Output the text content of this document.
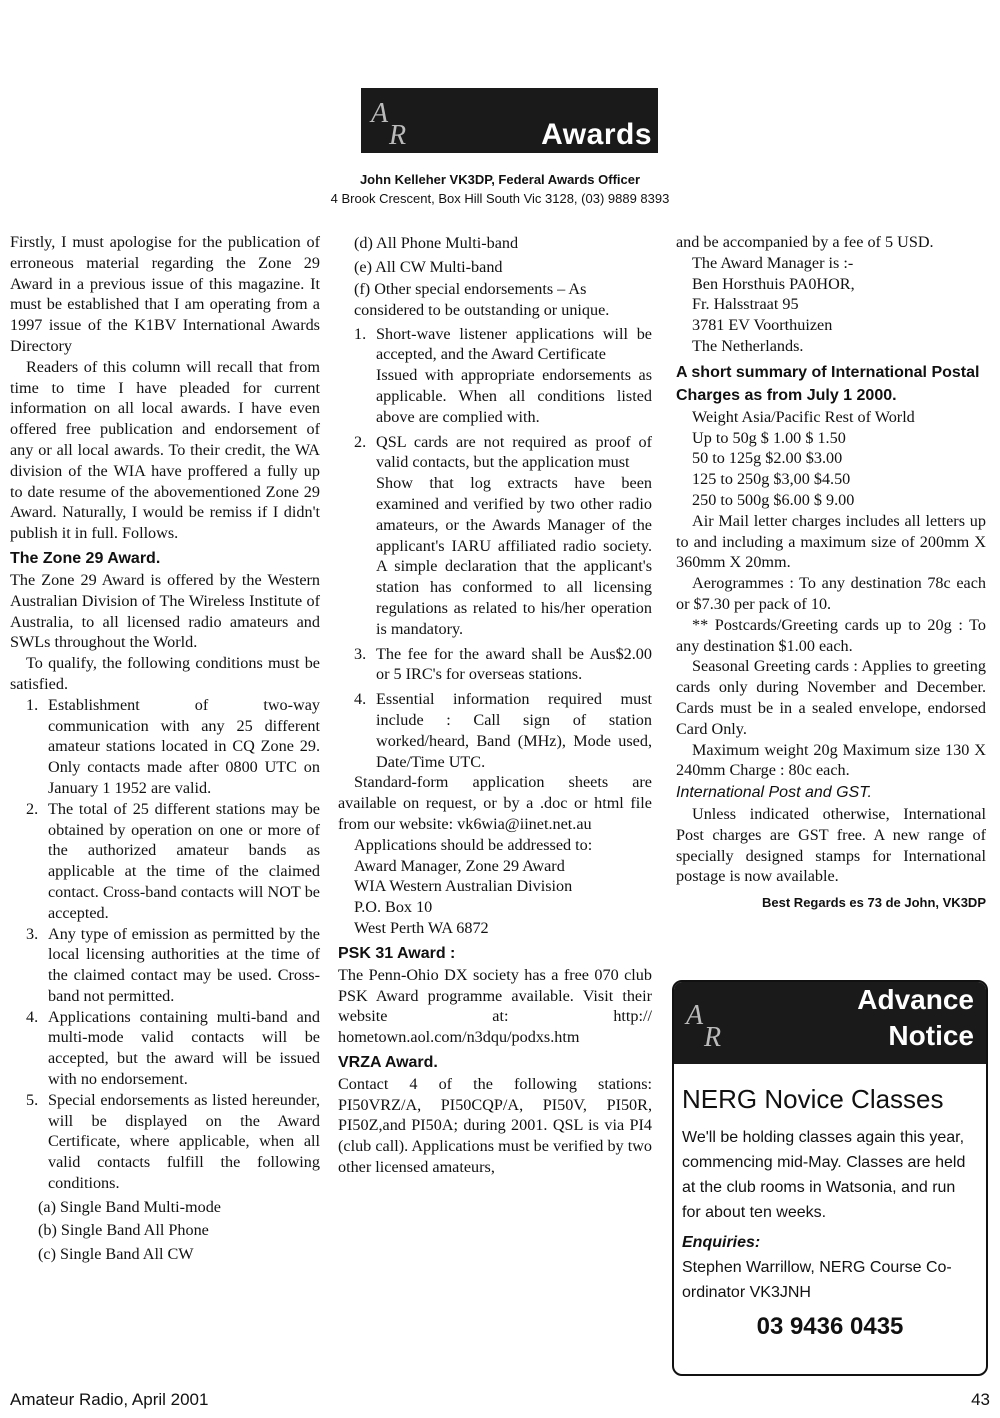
A
R	Awards
John Kelleher VK3DP, Federal Awards Officer
4 Brook Crescent, Box Hill South Vic 3128, (03) 9889 8393

Firstly, I must apologise for the publication of erroneous material regarding the Zone 29 Award in a previous issue of this magazine. It must be established that I am operating from a 1997 issue of the K1BV International Awards Directory

Readers of this column will recall that from time to time I have pleaded for current information on all local awards. I have even offered free publication and endorsement of any or all local awards. To their credit, the WA division of the WIA have proffered a fully up to date resume of the abovementioned Zone 29 Award. Naturally, I would be remiss if I didn't publish it in full. Follows.

The Zone 29 Award.

The Zone 29 Award is offered by the Western Australian Division of The Wireless Institute of Australia, to all licensed radio amateurs and SWLs throughout the World.

To qualify, the following conditions must be satisfied.

1. Establishment of two-way communication with any 25 different amateur stations located in CQ Zone 29. Only contacts made after 0800 UTC on January 1 1952 are valid.
2. The total of 25 different stations may be obtained by operation on one or more of the authorized amateur bands as applicable at the time of the claimed contact. Cross-band contacts will NOT be accepted.
3. Any type of emission as permitted by the local licensing authorities at the time of the claimed contact may be used. Cross-band not permitted.
4. Applications containing multi-band and multi-mode valid contacts will be accepted, but the award will be issued with no endorsement.
5. Special endorsements as listed hereunder, will be displayed on the Award Certificate, where applicable, when all valid contacts fulfill the following conditions.
(a) Single Band Multi-mode
(b) Single Band All Phone
(c) Single Band All CW
(d) All Phone Multi-band
(e) All CW Multi-band
(f) Other special endorsements – As considered to be outstanding or unique.
1. Short-wave listener applications will be accepted, and the Award Certificate

Issued with appropriate endorsements as applicable. When all conditions listed above are complied with.

2. QSL cards are not required as proof of valid contacts, but the application must

Show that log extracts have been examined and verified by two other radio amateurs, or the Awards Manager of the applicant's IARU affiliated radio society. A simple declaration that the applicant's station has conformed to all licensing regulations as related to his/her operation is mandatory.

3. The fee for the award shall be Aus$2.00 or 5 IRC's for overseas stations.
4. Essential information required must include : Call sign of station worked/heard, Band (MHz), Mode used, Date/Time UTC.

Standard-form application sheets are available on request, or by a .doc or html file from our website: vk6wia@iinet.net.au

Applications should be addressed to:
Award Manager, Zone 29 Award
WIA Western Australian Division
P.O. Box 10
West Perth WA 6872
PSK 31 Award :

The Penn-Ohio DX society has a free 070 club PSK Award programme available. Visit their website at: http:// hometown.aol.com/n3dqu/podxs.htm

VRZA Award.

Contact 4 of the following stations: PI50VRZ/A, PI50CQP/A, PI50V, PI50R, PI50Z,and PI50A; during 2001. QSL is via PI4 (club call). Applications must be verified by two other licensed amateurs,

and be accompanied by a fee of 5 USD.

The Award Manager is :-
Ben Horsthuis PA0HOR,
Fr. Halsstraat 95
3781 EV Voorthuizen
The Netherlands.
A short summary of International Postal Charges as from July 1 2000.
Weight Asia/Pacific Rest of World
Up to 50g $ 1.00 $ 1.50
50 to 125g $2.00 $3.00
125 to 250g $3,00 $4.50
250 to 500g $6.00 $ 9.00

Air Mail letter charges includes all letters up to and including a maximum size of 200mm X 360mm X 20mm.

Aerogrammes : To any destination 78c each or $7.30 per pack of 10.

** Postcards/Greeting cards up to 20g : To any destination $1.00 each.

Seasonal Greeting cards : Applies to greeting cards only during November and December. Cards must be in a sealed envelope, endorsed Card Only.

Maximum weight 20g Maximum size 130 X 240mm Charge : 80c each.

International Post and GST.

Unless indicated otherwise, International Post charges are GST free. A new range of specially designed stamps for International postage is now available.

Best Regards es 73 de John, VK3DP
A
R
Advance
Notice
NERG Novice Classes
We'll be holding classes again this year, commencing mid-May. Classes are held at the club rooms in Watsonia, and run for about ten weeks.
Enquiries:
Stephen Warrillow, NERG Course Co-ordinator VK3JNH
03 9436 0435
Amateur Radio, April 2001	43
